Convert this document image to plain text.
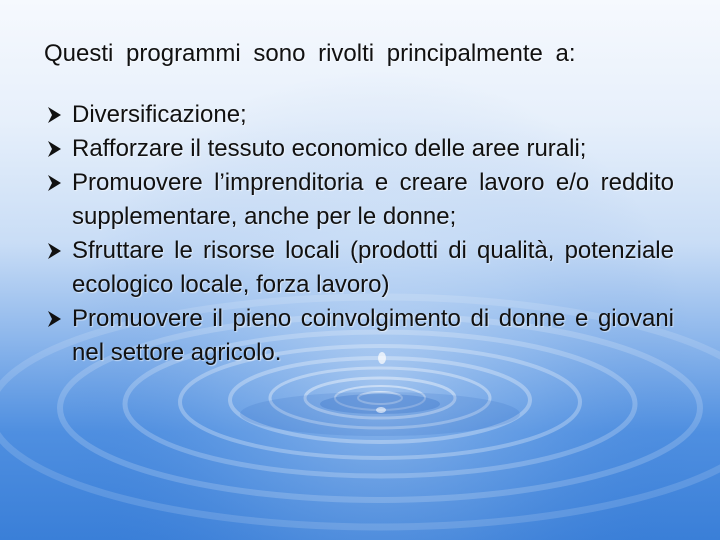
Questi programmi sono rivolti principalmente a:
Diversificazione;
Rafforzare il tessuto economico delle aree rurali;
Promuovere l’imprenditoria e creare lavoro e/o reddito supplementare, anche per le donne;
Sfruttare le risorse locali (prodotti di qualità, potenziale ecologico locale, forza lavoro)
Promuovere il pieno coinvolgimento di donne e giovani nel settore agricolo.
